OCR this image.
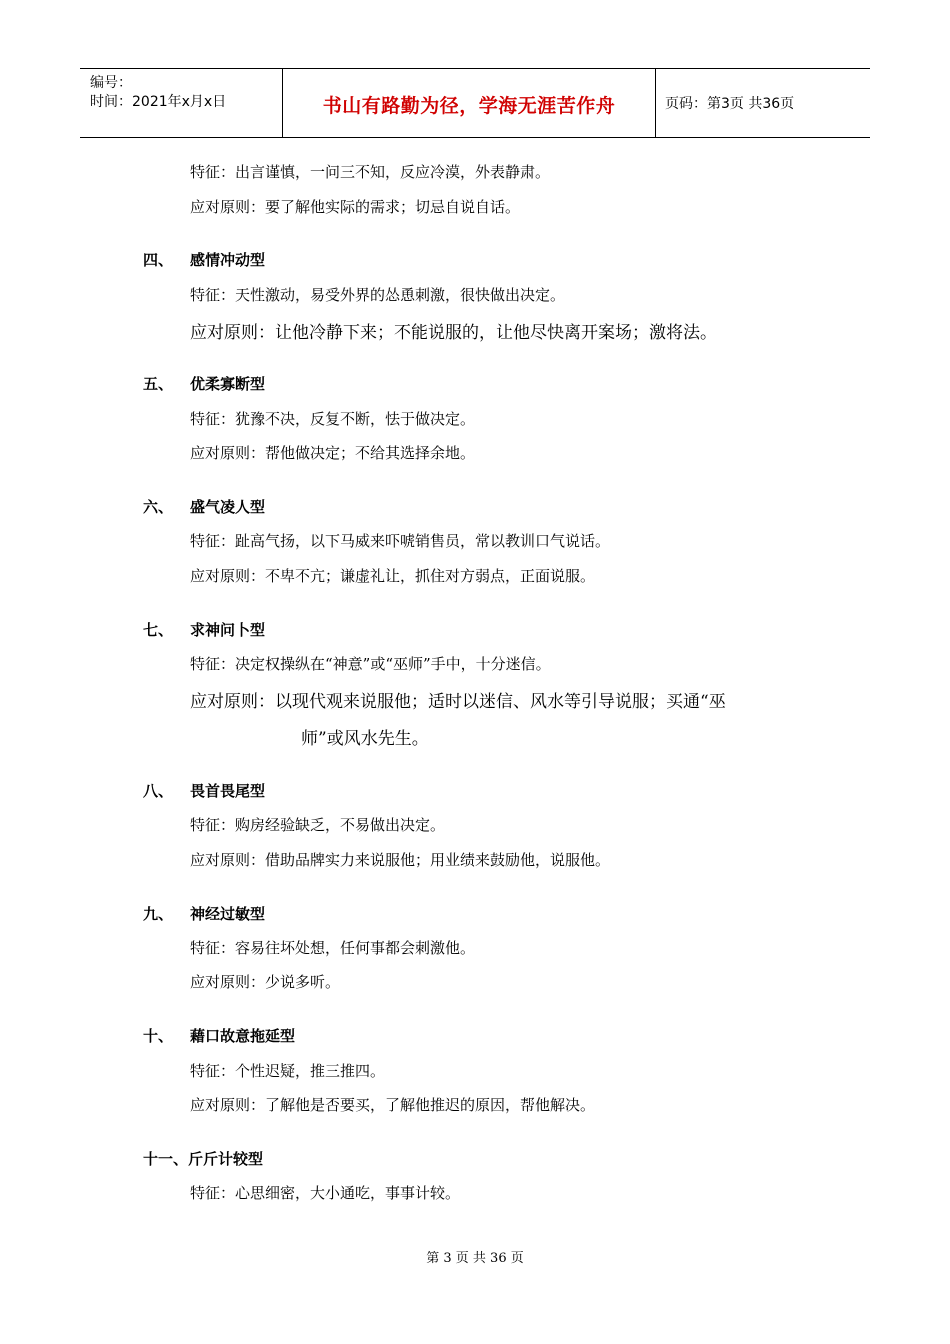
编号：
时间：2021年x月x日	书山有路勤为径，学海无涯苦作舟	页码：第3页 共36页
特征：出言谨慎，一问三不知，反应冷漠，外表静肃。
应对原则：要了解他实际的需求；切忌自说自话。
四、 感情冲动型
特征：天性激动，易受外界的怂恿刺激，很快做出决定。
应对原则：让他冷静下来；不能说服的，让他尽快离开案场；激将法。
五、 优柔寡断型
特征：犹豫不决，反复不断，怯于做决定。
应对原则：帮他做决定；不给其选择余地。
六、 盛气凌人型
特征：趾高气扬，以下马威来吓唬销售员，常以教训口气说话。
应对原则：不卑不亢；谦虚礼让，抓住对方弱点，正面说服。
七、 求神问卜型
特征：决定权操纵在“神意”或“巫师”手中，十分迷信。
应对原则：以现代观来说服他；适时以迷信、风水等引导说服；买通“巫
师”或风水先生。
八、 畏首畏尾型
特征：购房经验缺乏，不易做出决定。
应对原则：借助品牌实力来说服他；用业绩来鼓励他，说服他。
九、 神经过敏型
特征：容易往坏处想，任何事都会刺激他。
应对原则：少说多听。
十、 藉口故意拖延型
特征：个性迟疑，推三推四。
应对原则：了解他是否要买，了解他推迟的原因，帮他解决。
十一、斤斤计较型
特征：心思细密，大小通吃，事事计较。
第 3 页 共 36 页
